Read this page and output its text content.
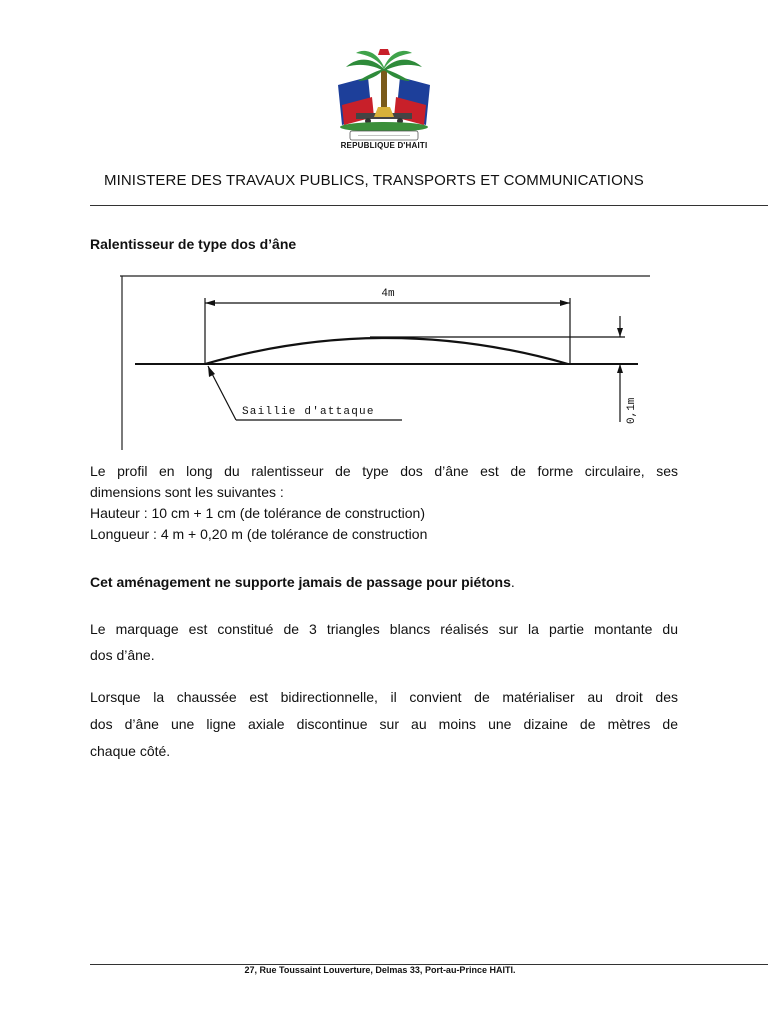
REPUBLIQUE D'HAITI
MINISTERE DES TRAVAUX PUBLICS, TRANSPORTS ET COMMUNICATIONS
Ralentisseur de type dos d’âne
4m
0,1m
Saillie d'attaque
Le profil en long du ralentisseur de type dos d’âne est de forme circulaire, ses
dimensions sont les suivantes :
Hauteur : 10 cm + 1 cm (de tolérance de construction)
Longueur : 4 m + 0,20 m (de tolérance de construction
Cet aménagement ne supporte jamais de passage pour piétons.
Le marquage est constitué de 3 triangles blancs réalisés sur la partie montante du
dos d’âne.
Lorsque la chaussée est bidirectionnelle, il convient de matérialiser au droit des
dos d’âne une ligne axiale discontinue sur au moins une dizaine de mètres de
chaque côté.
27, Rue Toussaint Louverture, Delmas 33, Port-au-Prince HAITI.
